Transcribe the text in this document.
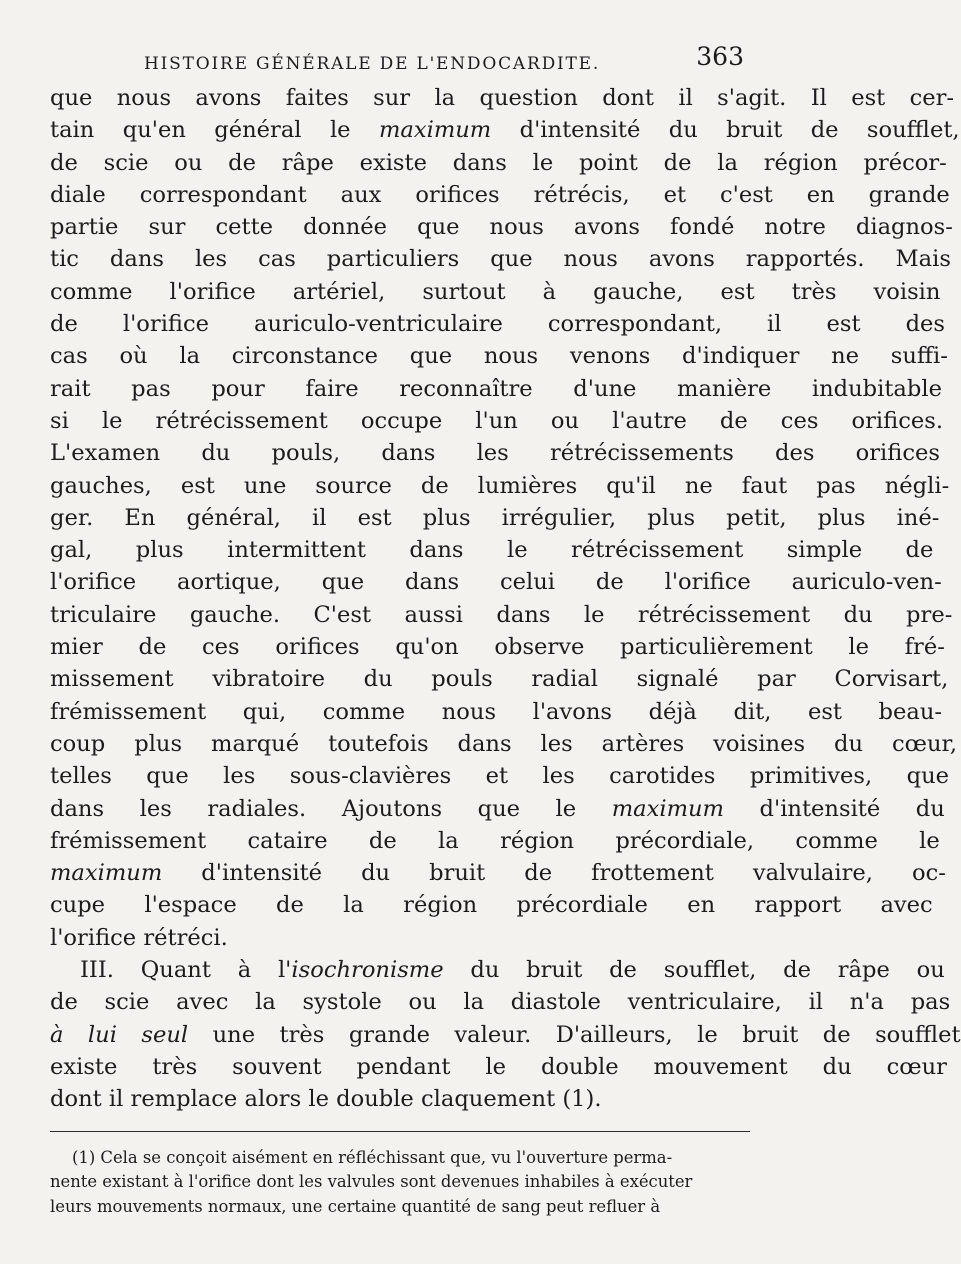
HISTOIRE GÉNÉRALE DE L'ENDOCARDITE.	363

que nous avons faites sur la question dont il s'agit. Il est cer-

tain qu'en général le maximum d'intensité du bruit de soufflet,

de scie ou de râpe existe dans le point de la région précor-

diale correspondant aux orifices rétrécis, et c'est en grande

partie sur cette donnée que nous avons fondé notre diagnos-

tic dans les cas particuliers que nous avons rapportés. Mais

comme l'orifice artériel, surtout à gauche, est très voisin

de l'orifice auriculo-ventriculaire correspondant, il est des

cas où la circonstance que nous venons d'indiquer ne suffi-

rait pas pour faire reconnaître d'une manière indubitable

si le rétrécissement occupe l'un ou l'autre de ces orifices.

L'examen du pouls, dans les rétrécissements des orifices

gauches, est une source de lumières qu'il ne faut pas négli-

ger. En général, il est plus irrégulier, plus petit, plus iné-

gal, plus intermittent dans le rétrécissement simple de

l'orifice aortique, que dans celui de l'orifice auriculo-ven-

triculaire gauche. C'est aussi dans le rétrécissement du pre-

mier de ces orifices qu'on observe particulièrement le fré-

missement vibratoire du pouls radial signalé par Corvisart,

frémissement qui, comme nous l'avons déjà dit, est beau-

coup plus marqué toutefois dans les artères voisines du cœur,

telles que les sous-clavières et les carotides primitives, que

dans les radiales. Ajoutons que le maximum d'intensité du

frémissement cataire de la région précordiale, comme le

maximum d'intensité du bruit de frottement valvulaire, oc-

cupe l'espace de la région précordiale en rapport avec

l'orifice rétréci.

III. Quant à l'isochronisme du bruit de soufflet, de râpe ou

de scie avec la systole ou la diastole ventriculaire, il n'a pas

à lui seul une très grande valeur. D'ailleurs, le bruit de soufflet

existe très souvent pendant le double mouvement du cœur

dont il remplace alors le double claquement (1).

(1) Cela se conçoit aisément en réfléchissant que, vu l'ouverture perma-

nente existant à l'orifice dont les valvules sont devenues inhabiles à exécuter

leurs mouvements normaux, une certaine quantité de sang peut refluer à
